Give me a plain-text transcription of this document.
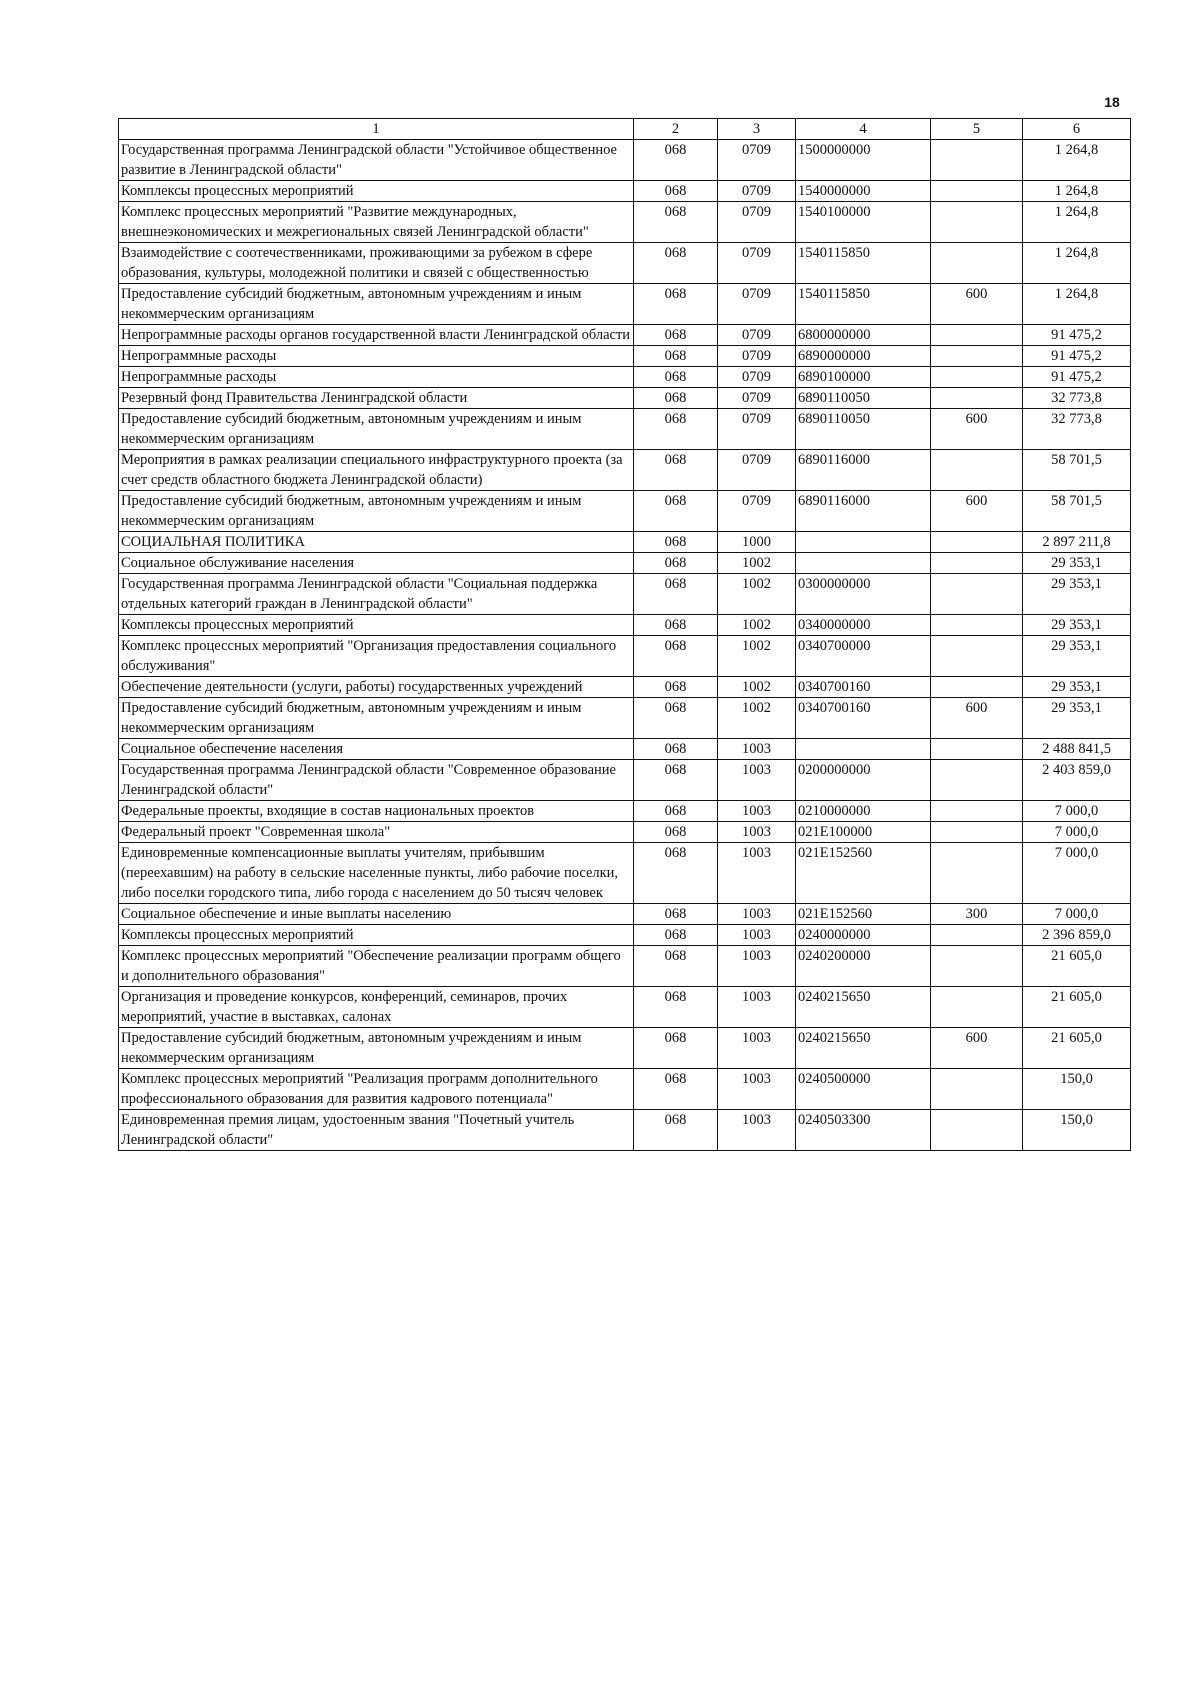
18
1	2	3	4	5	6
Государственная программа Ленинградской области "Устойчивое общественное развитие в Ленинградской области"	068	0709	1500000000		1 264,8
Комплексы процессных мероприятий	068	0709	1540000000		1 264,8
Комплекс процессных мероприятий "Развитие международных, внешнеэкономических и межрегиональных связей Ленинградской области"	068	0709	1540100000		1 264,8
Взаимодействие с соотечественниками, проживающими за рубежом в сфере образования, культуры, молодежной политики и связей с общественностью	068	0709	1540115850		1 264,8
Предоставление субсидий бюджетным, автономным учреждениям и иным некоммерческим организациям	068	0709	1540115850	600	1 264,8
Непрограммные расходы органов государственной власти Ленинградской области	068	0709	6800000000		91 475,2
Непрограммные расходы	068	0709	6890000000		91 475,2
Непрограммные расходы	068	0709	6890100000		91 475,2
Резервный фонд Правительства Ленинградской области	068	0709	6890110050		32 773,8
Предоставление субсидий бюджетным, автономным учреждениям и иным некоммерческим организациям	068	0709	6890110050	600	32 773,8
Мероприятия в рамках реализации специального инфраструктурного проекта (за счет средств областного бюджета Ленинградской области)	068	0709	6890116000		58 701,5
Предоставление субсидий бюджетным, автономным учреждениям и иным некоммерческим организациям	068	0709	6890116000	600	58 701,5
СОЦИАЛЬНАЯ ПОЛИТИКА	068	1000			2 897 211,8
Социальное обслуживание населения	068	1002			29 353,1
Государственная программа Ленинградской области "Социальная поддержка отдельных категорий граждан в Ленинградской области"	068	1002	0300000000		29 353,1
Комплексы процессных мероприятий	068	1002	0340000000		29 353,1
Комплекс процессных мероприятий "Организация предоставления социального обслуживания"	068	1002	0340700000		29 353,1
Обеспечение деятельности (услуги, работы) государственных учреждений	068	1002	0340700160		29 353,1
Предоставление субсидий бюджетным, автономным учреждениям и иным некоммерческим организациям	068	1002	0340700160	600	29 353,1
Социальное обеспечение населения	068	1003			2 488 841,5
Государственная программа Ленинградской области "Современное образование Ленинградской области"	068	1003	0200000000		2 403 859,0
Федеральные проекты, входящие в состав национальных проектов	068	1003	0210000000		7 000,0
Федеральный проект "Современная школа"	068	1003	021E100000		7 000,0
Единовременные компенсационные выплаты учителям, прибывшим (переехавшим) на работу в сельские населенные пункты, либо рабочие поселки, либо поселки городского типа, либо города с населением до 50 тысяч человек	068	1003	021E152560		7 000,0
Социальное обеспечение и иные выплаты населению	068	1003	021E152560	300	7 000,0
Комплексы процессных мероприятий	068	1003	0240000000		2 396 859,0
Комплекс процессных мероприятий "Обеспечение реализации программ общего и дополнительного образования"	068	1003	0240200000		21 605,0
Организация и проведение конкурсов, конференций, семинаров, прочих мероприятий, участие в выставках, салонах	068	1003	0240215650		21 605,0
Предоставление субсидий бюджетным, автономным учреждениям и иным некоммерческим организациям	068	1003	0240215650	600	21 605,0
Комплекс процессных мероприятий "Реализация программ дополнительного профессионального образования для развития кадрового потенциала"	068	1003	0240500000		150,0
Единовременная премия лицам, удостоенным звания "Почетный учитель Ленинградской области"	068	1003	0240503300		150,0
